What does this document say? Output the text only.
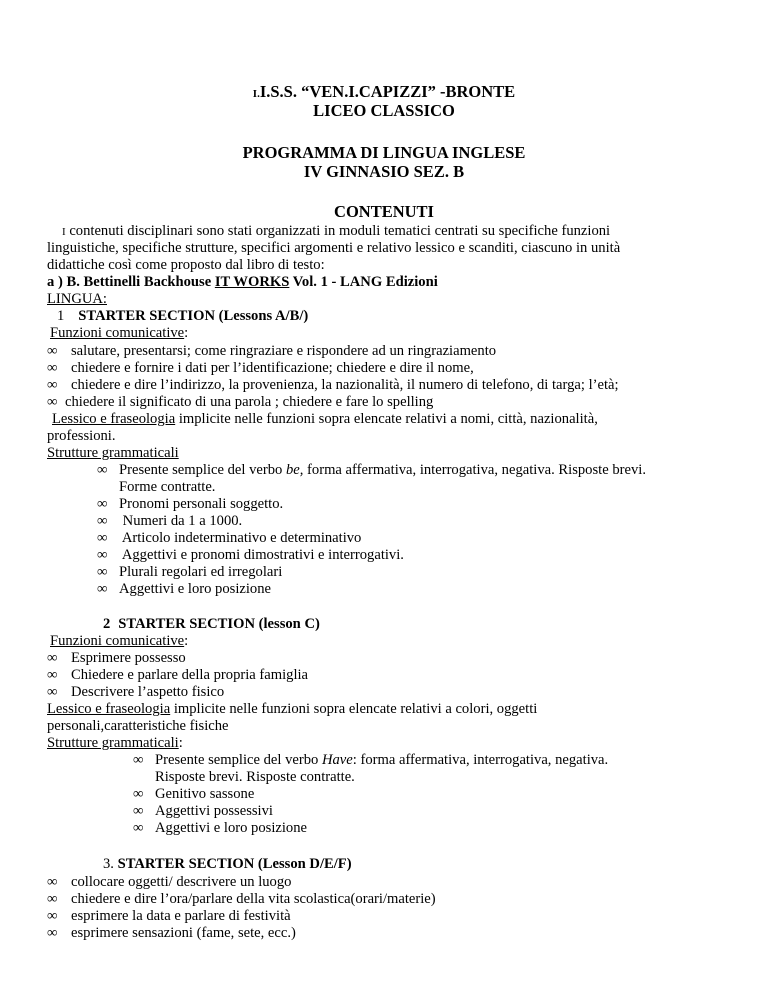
I.I.S.S. “VEN.I.CAPIZZI” -BRONTE
LICEO CLASSICO
PROGRAMMA DI LINGUA INGLESE
IV GINNASIO SEZ. B
CONTENUTI
I contenuti disciplinari sono stati organizzati in moduli tematici centrati su specifiche funzioni
linguistiche, specifiche strutture, specifici argomenti e relativo lessico e scanditi, ciascuno in unità
didattiche così come proposto dal libro di testo:
a ) B. Bettinelli Backhouse IT WORKS Vol. 1 - LANG Edizioni
LINGUA:
1 STARTER SECTION (Lessons A/B/)
Funzioni comunicative:
∞ salutare, presentarsi; come ringraziare e rispondere ad un ringraziamento
∞ chiedere e fornire i dati per l’identificazione; chiedere e dire il nome,
∞ chiedere e dire l’indirizzo, la provenienza, la nazionalità, il numero di telefono, di targa; l’età;
∞ chiedere il significato di una parola ; chiedere e fare lo spelling
Lessico e fraseologia implicite nelle funzioni sopra elencate relativi a nomi, città, nazionalità,
professioni.
Strutture grammaticali
∞ Presente semplice del verbo be, forma affermativa, interrogativa, negativa. Risposte brevi.
Forme contratte.
∞ Pronomi personali soggetto.
∞ Numeri da 1 a 1000.
∞ Articolo indeterminativo e determinativo
∞ Aggettivi e pronomi dimostrativi e interrogativi.
∞ Plurali regolari ed irregolari
∞ Aggettivi e loro posizione
2 STARTER SECTION (lesson C)
Funzioni comunicative:
∞ Esprimere possesso
∞ Chiedere e parlare della propria famiglia
∞ Descrivere l’aspetto fisico
Lessico e fraseologia implicite nelle funzioni sopra elencate relativi a colori, oggetti
personali,caratteristiche fisiche
Strutture grammaticali:
∞ Presente semplice del verbo Have: forma affermativa, interrogativa, negativa.
Risposte brevi. Risposte contratte.
∞ Genitivo sassone
∞ Aggettivi possessivi
∞ Aggettivi e loro posizione
3. STARTER SECTION (Lesson D/E/F)
∞ collocare oggetti/ descrivere un luogo
∞ chiedere e dire l’ora/parlare della vita scolastica(orari/materie)
∞ esprimere la data e parlare di festività
∞ esprimere sensazioni (fame, sete, ecc.)
